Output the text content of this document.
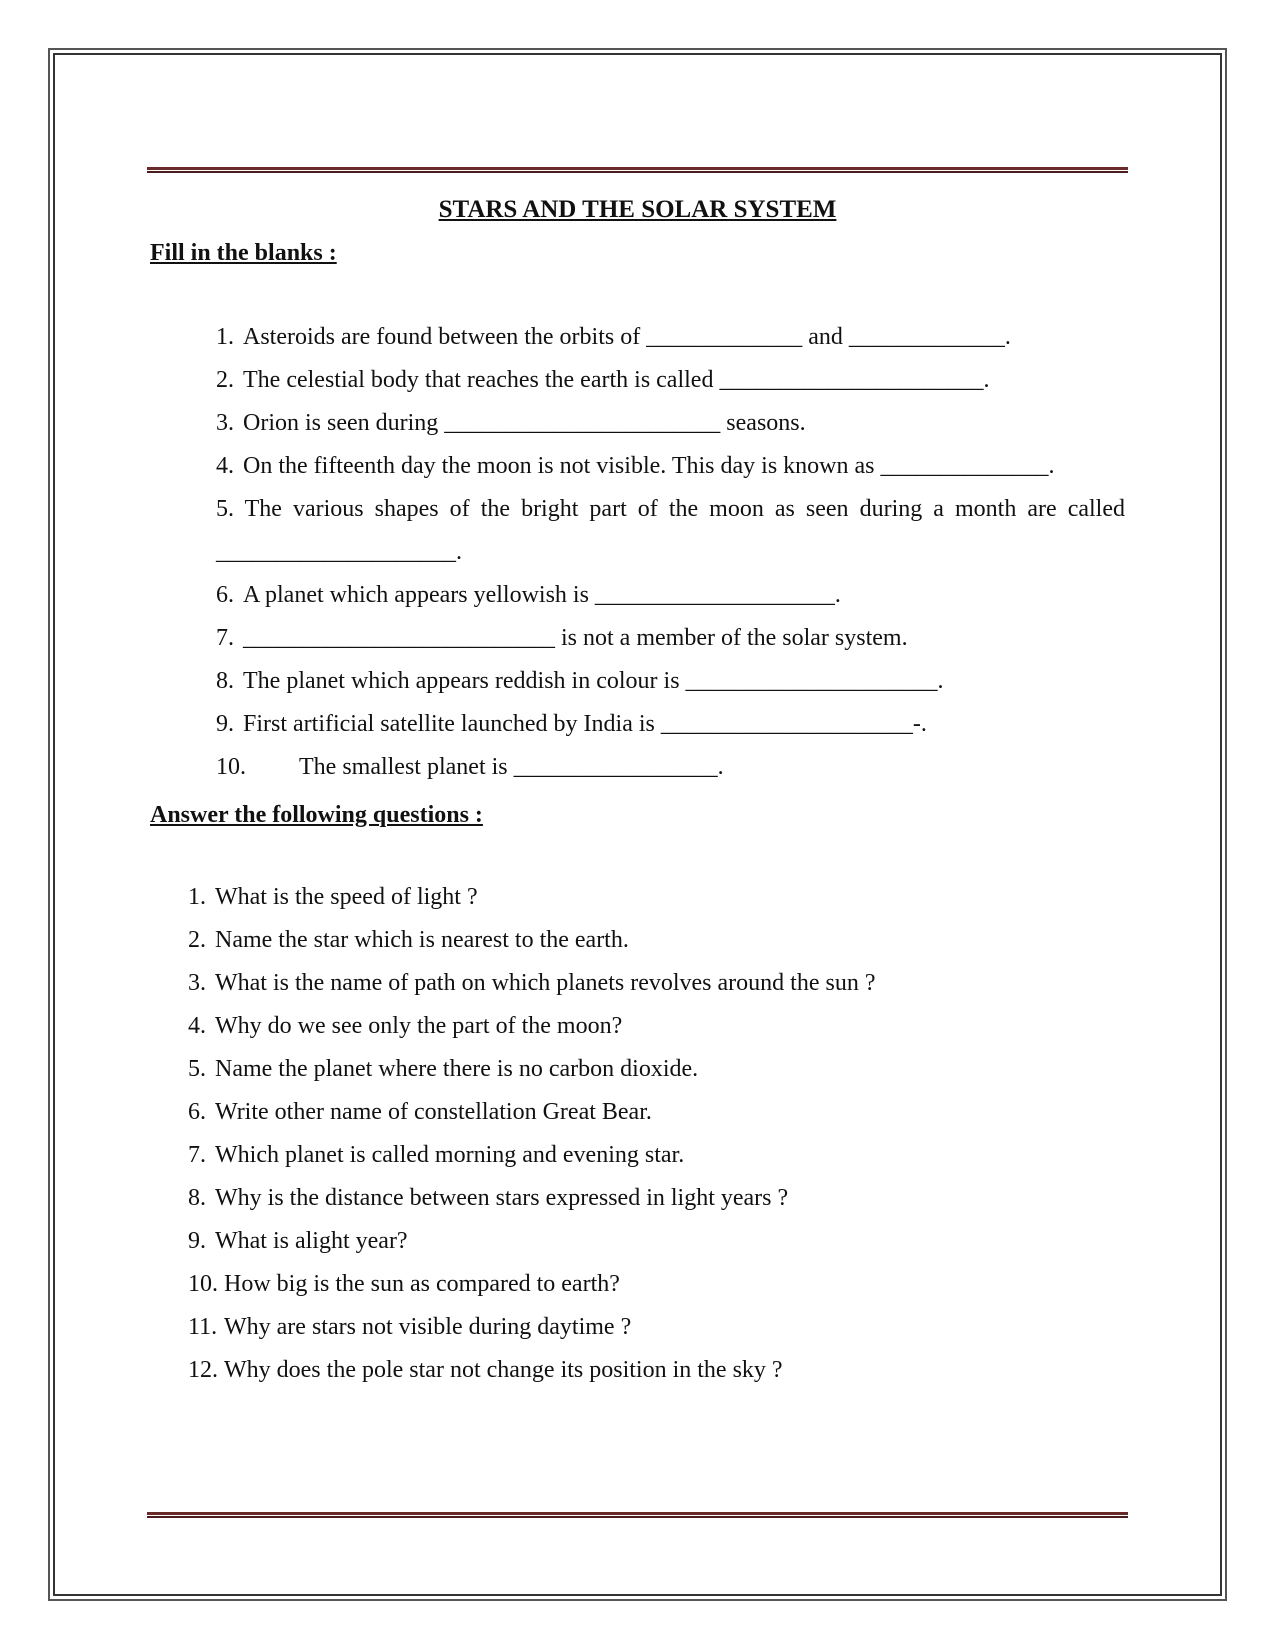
STARS AND THE SOLAR SYSTEM
Fill in the blanks :
1. Asteroids are found between the orbits of _____________ and _____________.
2. The celestial body that reaches the earth is called ______________________.
3. Orion is seen during _______________________ seasons.
4. On the fifteenth day the moon is not visible. This day is known as ______________.
5. The various shapes of the bright part of the moon as seen during a month are called
____________________.
6. A planet which appears yellowish is ____________________.
7. __________________________ is not a member of the solar system.
8. The planet which appears reddish in colour is _____________________.
9. First artificial satellite launched by India is _____________________-.
10. The smallest planet is _________________.
Answer the following questions :
1. What is the speed of light ?
2. Name the star which is nearest to the earth.
3. What is the name of path on which planets revolves around the sun ?
4. Why do we see only the part of the moon?
5. Name the planet where there is no carbon dioxide.
6. Write other name of constellation Great Bear.
7. Which planet is called morning and evening star.
8. Why is the distance between stars expressed in light years ?
9. What is alight year?
10. How big is the sun as compared to earth?
11. Why are stars not visible during daytime ?
12. Why does the pole star not change its position in the sky ?
